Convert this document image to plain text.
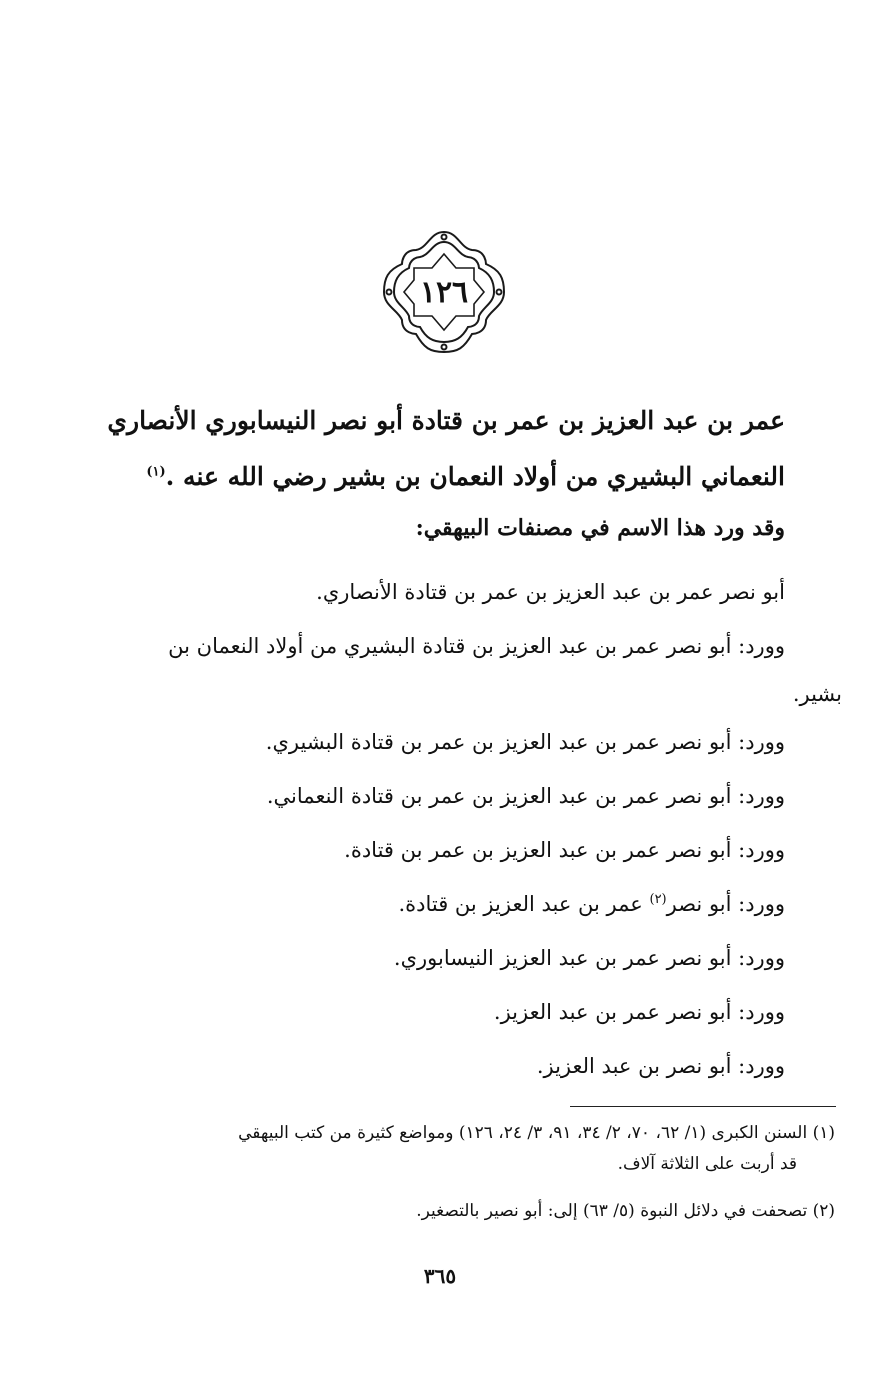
١٢٦
عمر بن عبد العزيز بن عمر بن قتادة أبو نصر النيسابوري الأنصاري
النعماني البشيري من أولاد النعمان بن بشير رضي الله عنه .$^{(١)}$
وقد ورد هذا الاسم في مصنفات البيهقي:
أبو نصر عمر بن عبد العزيز بن عمر بن قتادة الأنصاري.
وورد: أبو نصر عمر بن عبد العزيز بن قتادة البشيري من أولاد النعمان بن
بشير.
وورد: أبو نصر عمر بن عبد العزيز بن عمر بن قتادة البشيري.
وورد: أبو نصر عمر بن عبد العزيز بن عمر بن قتادة النعماني.
وورد: أبو نصر عمر بن عبد العزيز بن عمر بن قتادة.
وورد: أبو نصر$^{(٢)}$ عمر بن عبد العزيز بن قتادة.
وورد: أبو نصر عمر بن عبد العزيز النيسابوري.
وورد: أبو نصر عمر بن عبد العزيز.
وورد: أبو نصر بن عبد العزيز.
(١) السنن الكبرى (١/ ٦٢، ٧٠، ٢/ ٣٤، ٩١، ٣/ ٢٤، ١٢٦) ومواضع كثيرة من كتب البيهقي
قد أربت على الثلاثة آلاف.
(٢) تصحفت في دلائل النبوة (٥/ ٦٣) إلى: أبو نصير بالتصغير.
٣٦٥
